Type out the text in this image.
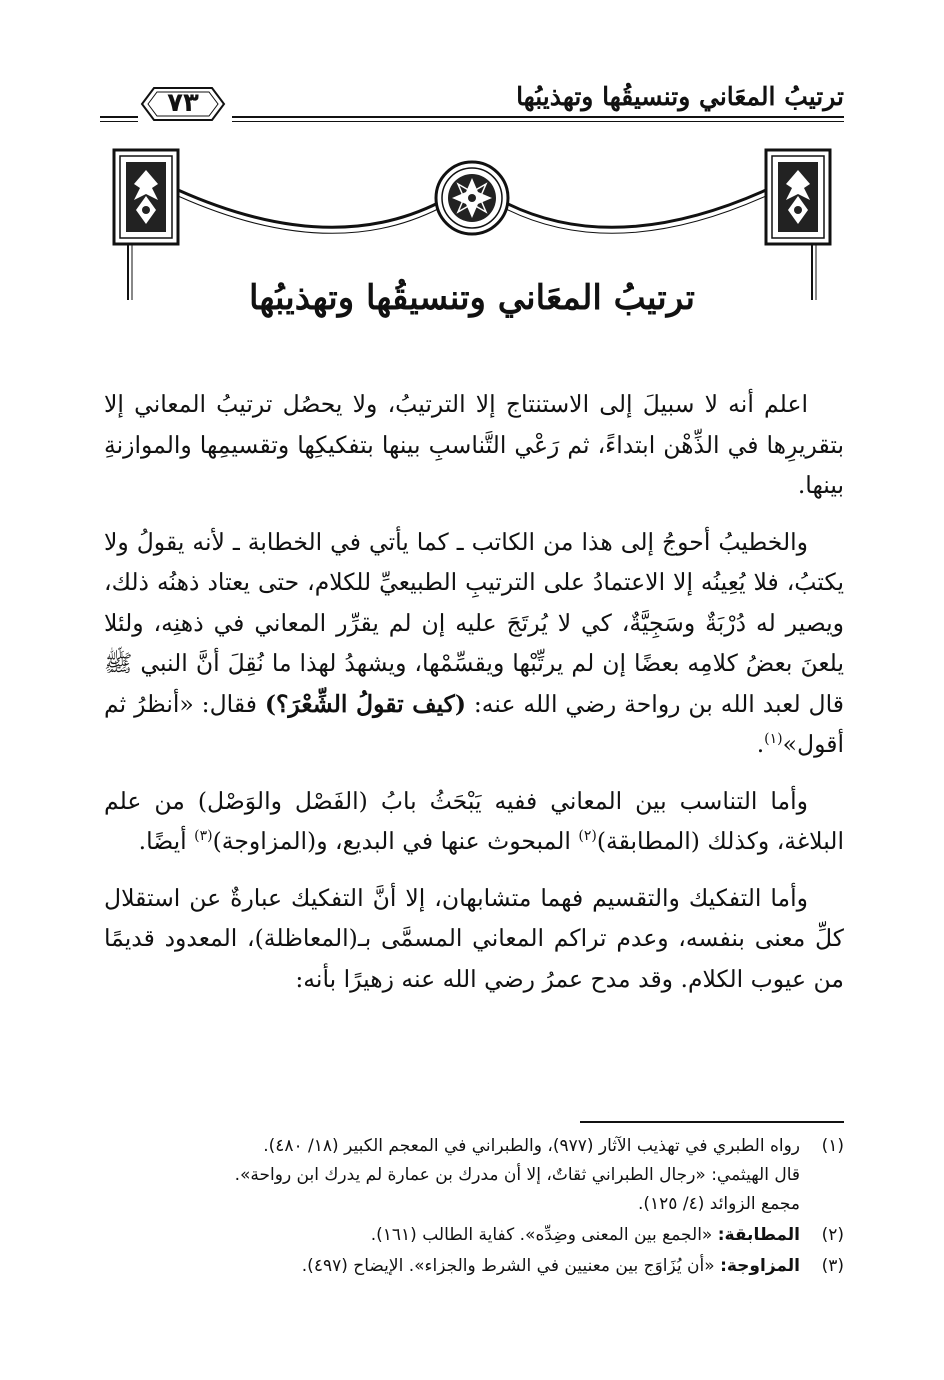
ترتيبُ المعَاني وتنسيقُها وتهذيبُها
٧٣
ترتيبُ المعَاني وتنسيقُها وتهذيبُها

اعلم أنه لا سبيلَ إلى الاستنتاج إلا الترتيبُ، ولا يحصُل ترتيبُ المعاني إلا بتقريرِها في الذِّهْن ابتداءً، ثم رَعْي التَّناسبِ بينها بتفكيكِها وتقسيمِها والموازنةِ بينها.

والخطيبُ أحوجُ إلى هذا من الكاتب ـ كما يأتي في الخطابة ـ لأنه يقولُ ولا يكتبُ، فلا يُعِينُه إلا الاعتمادُ على الترتيبِ الطبيعيِّ للكلام، حتى يعتاد ذهنُه ذلك، ويصير له دُرْبَةٌ وسَجِيَّةٌ، كي لا يُرتَجَ عليه إن لم يقرِّر المعاني في ذهنِه، ولئلا يلعنَ بعضُ كلامِه بعضًا إن لم يرتِّبْها ويقسِّمْها، ويشهدُ لهذا ما نُقِلَ أنَّ النبي ﷺ قال لعبد الله بن رواحة رضي الله عنه: (كيف تقولُ الشِّعْرَ؟) فقال: «أنظرُ ثم أقول»$^{(١)}$.

وأما التناسب بين المعاني ففيه يَبْحَثُ بابُ (الفَصْل والوَصْل) من علم البلاغة، وكذلك (المطابقة)$^{(٢)}$ المبحوث عنها في البديع، و(المزاوجة)$^{(٣)}$ أيضًا.

وأما التفكيك والتقسيم فهما متشابهان، إلا أنَّ التفكيك عبارةٌ عن استقلال كلِّ معنى بنفسه، وعدم تراكم المعاني المسمَّى بـ(المعاظلة)، المعدود قديمًا من عيوب الكلام. وقد مدح عمرُ رضي الله عنه زهيرًا بأنه:

(١)
رواه الطبري في تهذيب الآثار (٩٧٧)، والطبراني في المعجم الكبير (١٨/ ٤٨٠).
قال الهيثمي: «رجال الطبراني ثقاتٌ، إلا أن مدرك بن عمارة لم يدرك ابن رواحة».
مجمع الزوائد (٤/ ١٢٥).
(٢)
المطابقة: «الجمع بين المعنى وضِدِّه». كفاية الطالب (١٦١).
(٣)
المزاوجة: «أن يُزَاوَج بين معنيين في الشرط والجزاء». الإيضاح (٤٩٧).
